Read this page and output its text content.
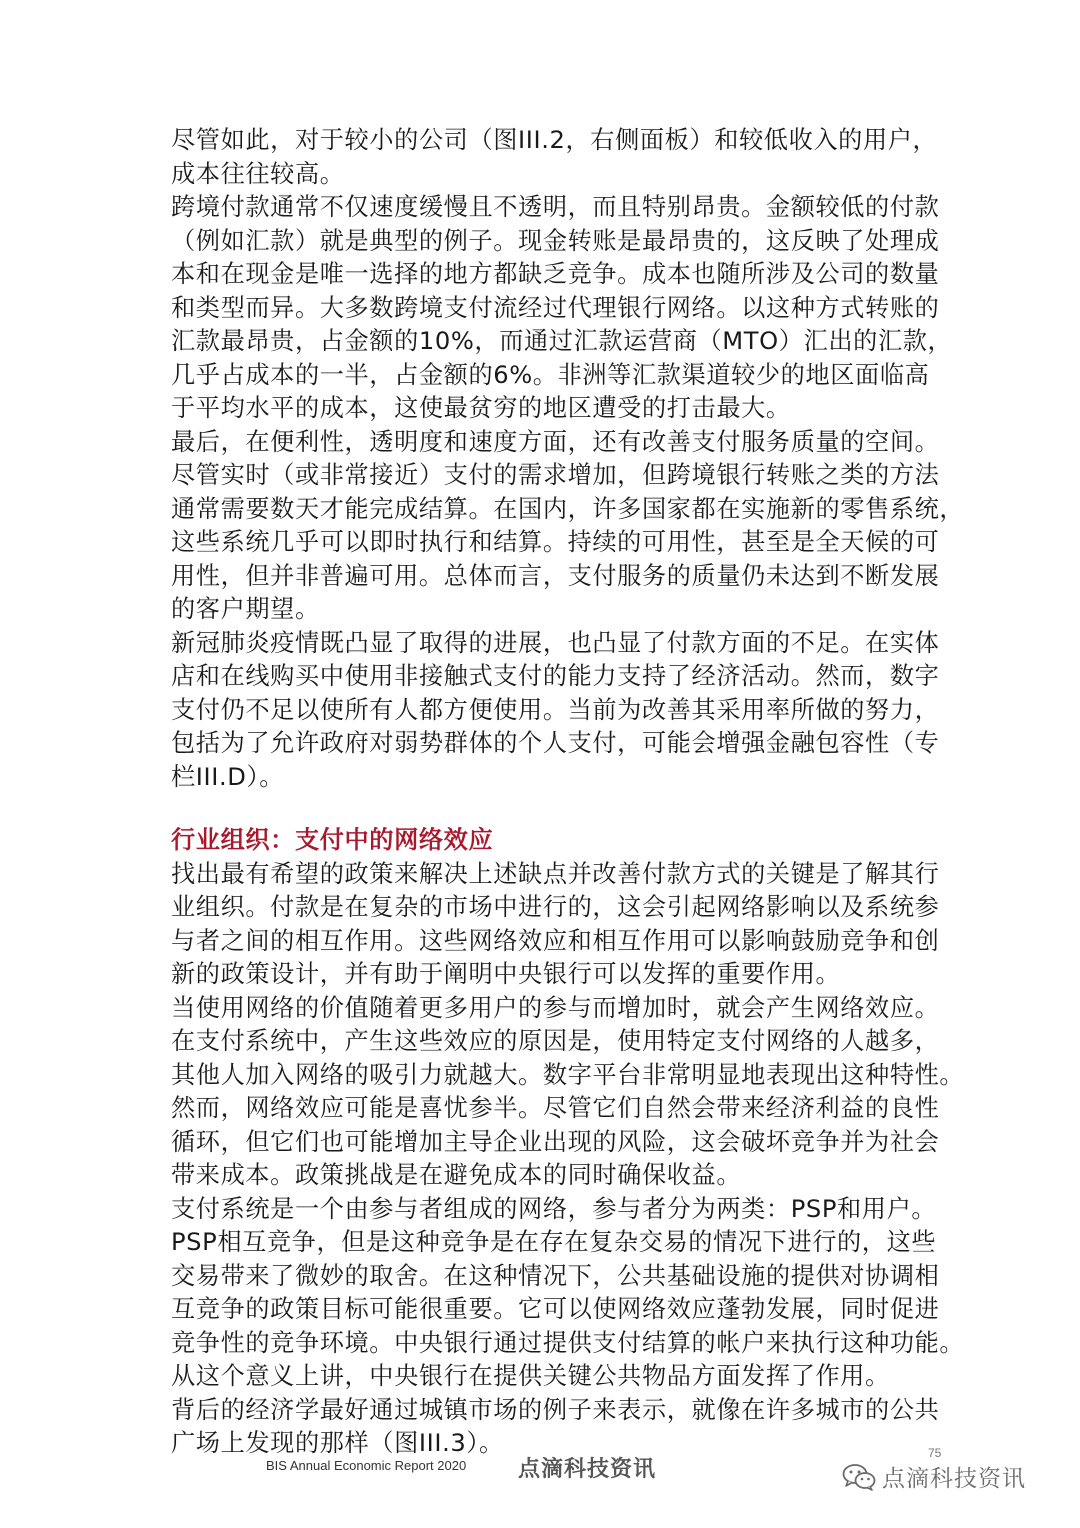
尽管如此，对于较小的公司（图III.2，右侧面板）和较低收入的用户，
成本往往较高。

跨境付款通常不仅速度缓慢且不透明，而且特别昂贵。金额较低的付款
（例如汇款）就是典型的例子。现金转账是最昂贵的，这反映了处理成
本和在现金是唯一选择的地方都缺乏竞争。成本也随所涉及公司的数量
和类型而异。大多数跨境支付流经过代理银行网络。以这种方式转账的
汇款最昂贵，占金额的10%，而通过汇款运营商（MTO）汇出的汇款，
几乎占成本的一半，占金额的6%。非洲等汇款渠道较少的地区面临高
于平均水平的成本，这使最贫穷的地区遭受的打击最大。

最后，在便利性，透明度和速度方面，还有改善支付服务质量的空间。
尽管实时（或非常接近）支付的需求增加，但跨境银行转账之类的方法
通常需要数天才能完成结算。在国内，许多国家都在实施新的零售系统，
这些系统几乎可以即时执行和结算。持续的可用性，甚至是全天候的可
用性，但并非普遍可用。总体而言，支付服务的质量仍未达到不断发展
的客户期望。

新冠肺炎疫情既凸显了取得的进展，也凸显了付款方面的不足。在实体
店和在线购买中使用非接触式支付的能力支持了经济活动。然而，数字
支付仍不足以使所有人都方便使用。当前为改善其采用率所做的努力，
包括为了允许政府对弱势群体的个人支付，可能会增强金融包容性（专
栏III.D）。

行业组织：支付中的网络效应

找出最有希望的政策来解决上述缺点并改善付款方式的关键是了解其行
业组织。付款是在复杂的市场中进行的，这会引起网络影响以及系统参
与者之间的相互作用。这些网络效应和相互作用可以影响鼓励竞争和创
新的政策设计，并有助于阐明中央银行可以发挥的重要作用。

当使用网络的价值随着更多用户的参与而增加时，就会产生网络效应。
在支付系统中，产生这些效应的原因是，使用特定支付网络的人越多，
其他人加入网络的吸引力就越大。数字平台非常明显地表现出这种特性。
然而，网络效应可能是喜忧参半。尽管它们自然会带来经济利益的良性
循环，但它们也可能增加主导企业出现的风险，这会破坏竞争并为社会
带来成本。政策挑战是在避免成本的同时确保收益。

支付系统是一个由参与者组成的网络，参与者分为两类：PSP和用户。
PSP相互竞争，但是这种竞争是在存在复杂交易的情况下进行的，这些
交易带来了微妙的取舍。在这种情况下，公共基础设施的提供对协调相
互竞争的政策目标可能很重要。它可以使网络效应蓬勃发展，同时促进
竞争性的竞争环境。中央银行通过提供支付结算的帐户来执行这种功能。
从这个意义上讲，中央银行在提供关键公共物品方面发挥了作用。

背后的经济学最好通过城镇市场的例子来表示，就像在许多城市的公共
广场上发现的那样（图III.3）。

BIS Annual Economic Report 2020 点滴科技资讯
75
点滴科技资讯
